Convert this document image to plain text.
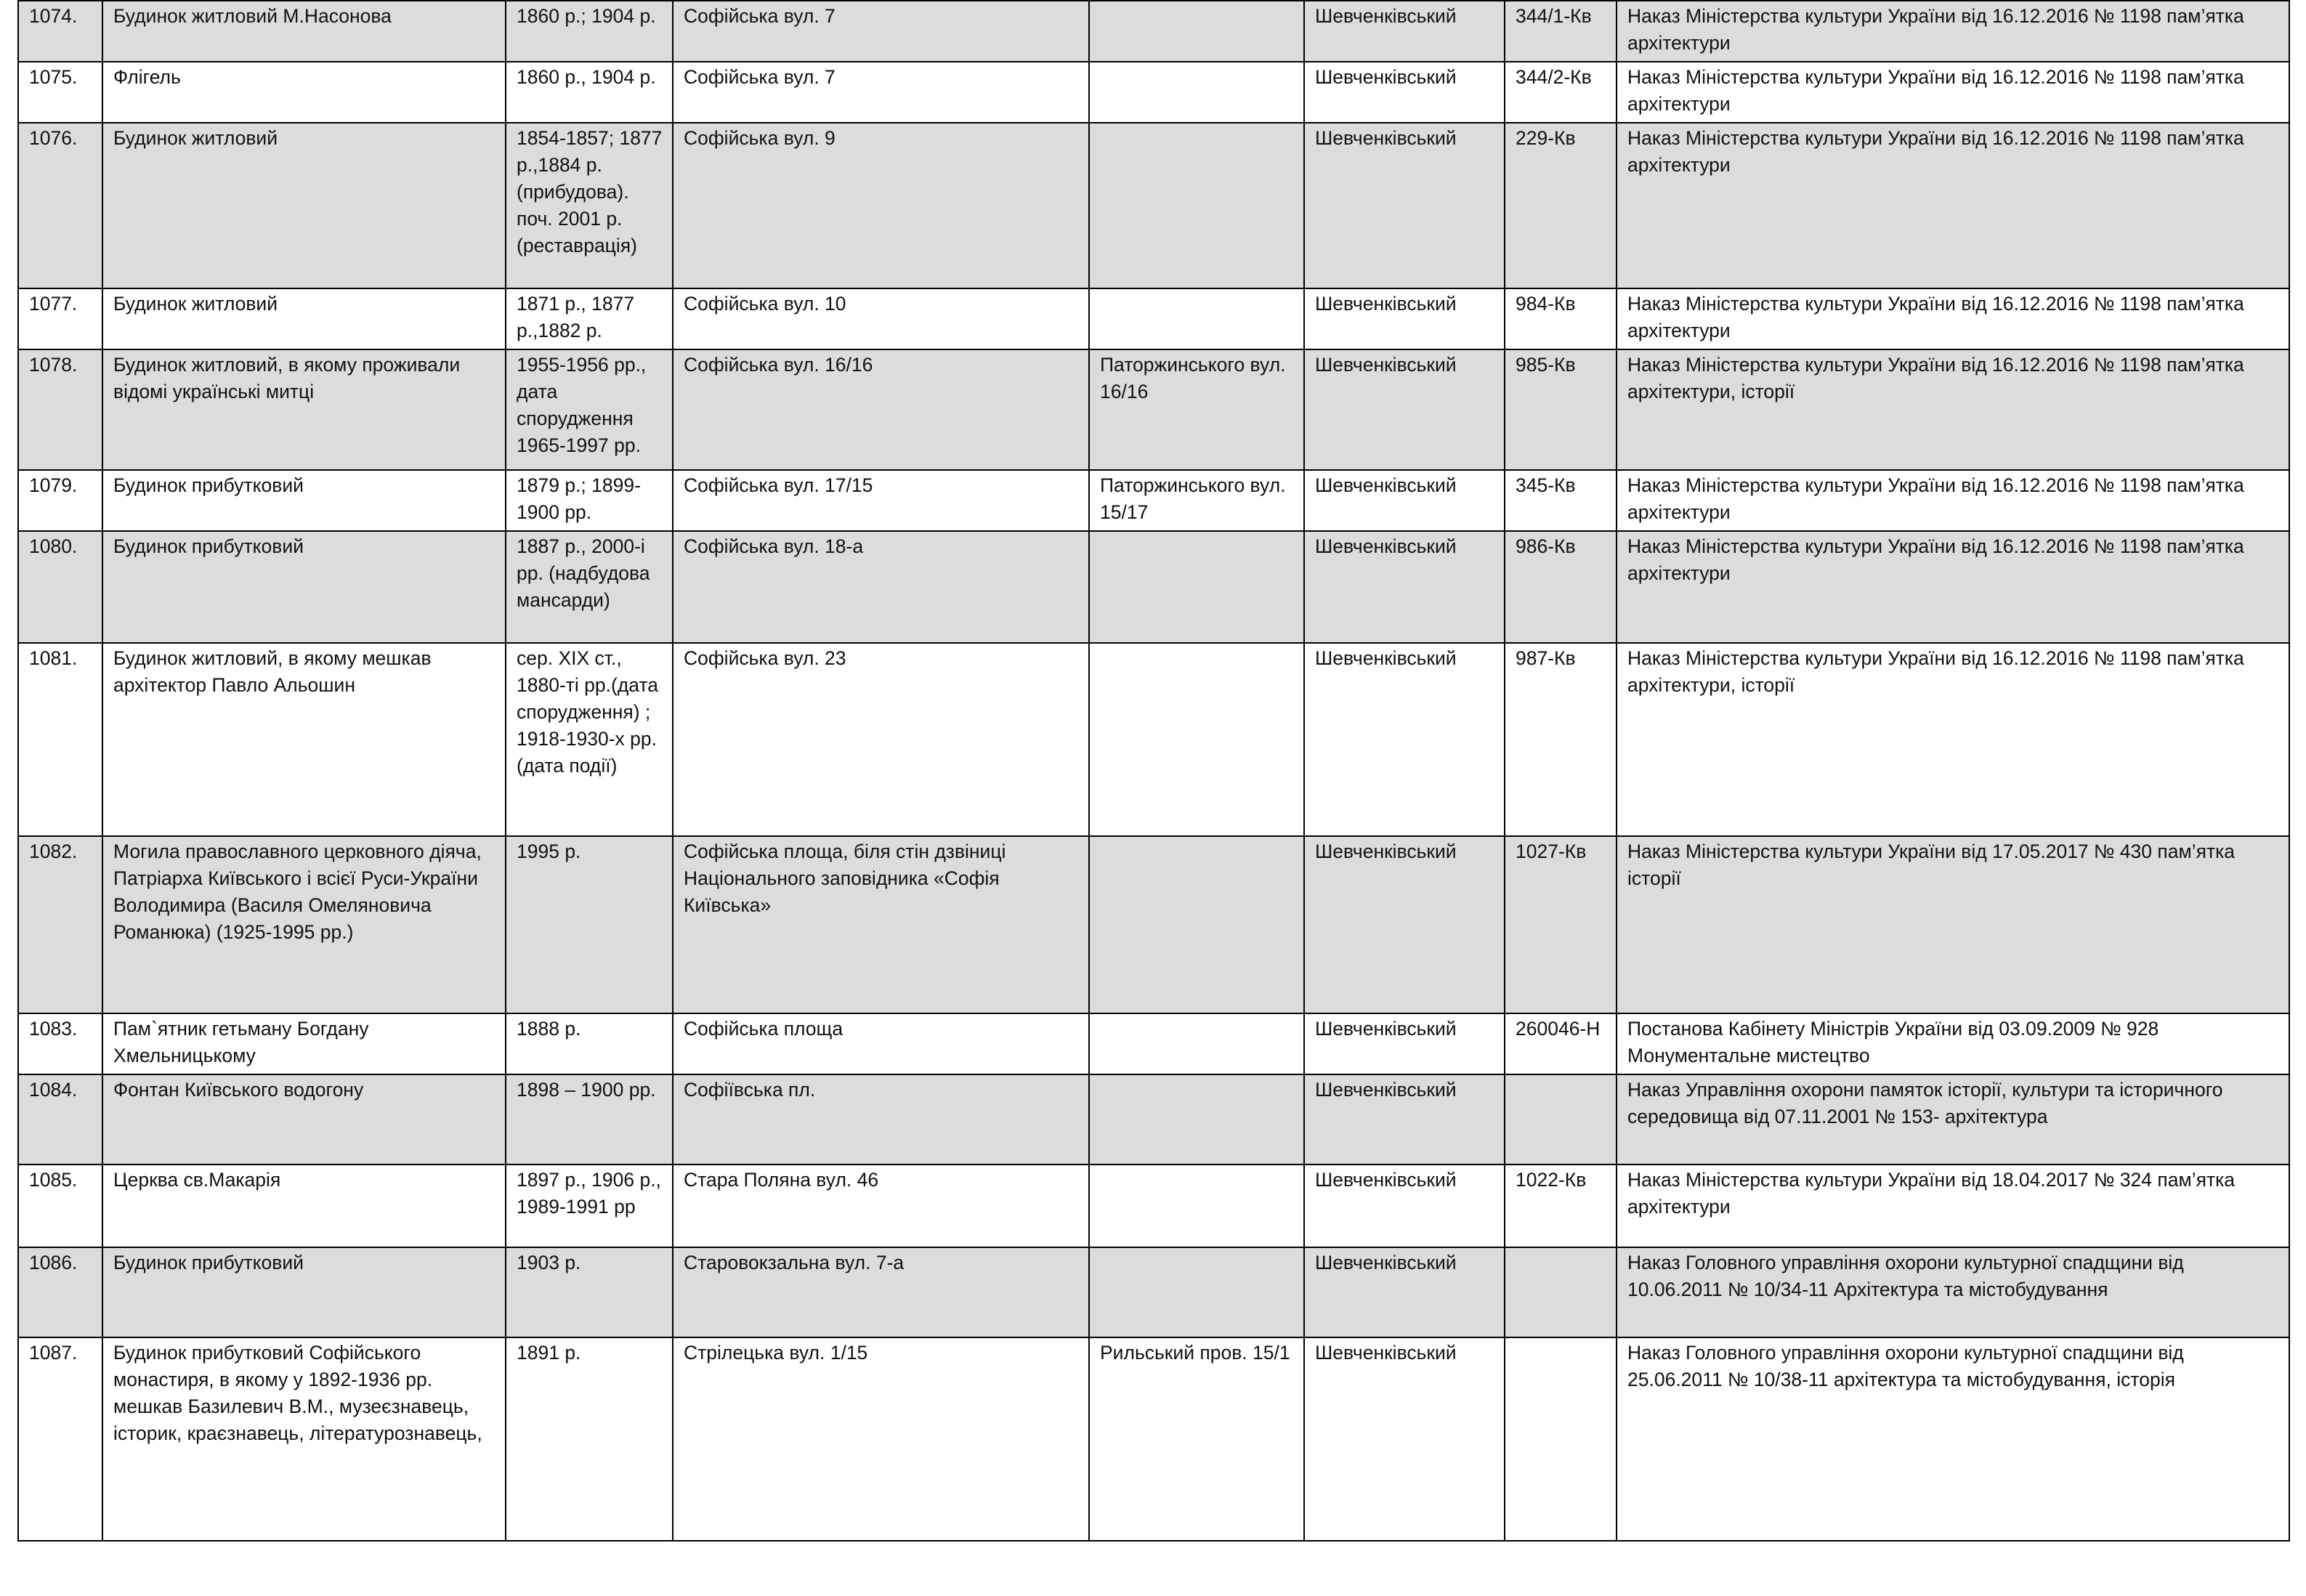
1074.	Будинок житловий М.Насонова	1860 р.; 1904 р.	Софійська вул. 7		Шевченківський	344/1-Кв	Наказ Міністерства культури України від 16.12.2016 № 1198 пам’ятка архітектури
1075.	Флігель	1860 р., 1904 р.	Софійська вул. 7		Шевченківський	344/2-Кв	Наказ Міністерства культури України від 16.12.2016 № 1198 пам’ятка архітектури
1076.	Будинок житловий	1854-1857; 1877 р.,1884 р. (прибудова). поч. 2001 р. (реставрація)	Софійська вул. 9		Шевченківський	229-Кв	Наказ Міністерства культури України від 16.12.2016 № 1198 пам’ятка архітектури
1077.	Будинок житловий	1871 р., 1877 р.,1882 р.	Софійська вул. 10		Шевченківський	984-Кв	Наказ Міністерства культури України від 16.12.2016 № 1198 пам’ятка архітектури
1078.	Будинок житловий, в якому проживали відомі українські митці	1955-1956 рр., дата спорудження 1965-1997 рр.	Софійська вул. 16/16	Паторжинського вул. 16/16	Шевченківський	985-Кв	Наказ Міністерства культури України від 16.12.2016 № 1198 пам’ятка архітектури, історії
1079.	Будинок прибутковий	1879 р.; 1899-1900 рр.	Софійська вул. 17/15	Паторжинського вул. 15/17	Шевченківський	345-Кв	Наказ Міністерства культури України від 16.12.2016 № 1198 пам’ятка архітектури
1080.	Будинок прибутковий	1887 р., 2000-і рр. (надбудова мансарди)	Софійська вул. 18-а		Шевченківський	986-Кв	Наказ Міністерства культури України від 16.12.2016 № 1198 пам’ятка архітектури
1081.	Будинок житловий, в якому мешкав архітектор Павло Альошин	сер. XIX ст., 1880-ті рр.(дата спорудження) ; 1918-1930-х рр. (дата події)	Софійська вул. 23		Шевченківський	987-Кв	Наказ Міністерства культури України від 16.12.2016 № 1198 пам’ятка архітектури, історії
1082.	Могила православного церковного діяча, Патріарха Київського і всієї Руси-України Володимира (Василя Омеляновича Романюка) (1925-1995 рр.)	1995 р.	Софійська площа, біля стін дзвіниці Національного заповідника «Софія Київська»		Шевченківський	1027-Кв	Наказ Міністерства культури України від 17.05.2017 № 430 пам’ятка історії
1083.	Пам`ятник гетьману Богдану Хмельницькому	1888 р.	Софійська площа		Шевченківський	260046-Н	Постанова Кабінету Міністрів України від 03.09.2009 № 928 Монументальне мистецтво
1084.	Фонтан Київського водогону	1898 – 1900 рр.	Софіївська пл.		Шевченківський		Наказ Управління охорони памяток історії, культури та історичного середовища від 07.11.2001 № 153- архітектура
1085.	Церква св.Макарія	1897 р., 1906 р., 1989-1991 рр	Стара Поляна вул. 46		Шевченківський	1022-Кв	Наказ Міністерства культури України від 18.04.2017 № 324 пам’ятка архітектури
1086.	Будинок прибутковий	1903 р.	Старовокзальна вул. 7-а		Шевченківський		Наказ Головного управління охорони культурної спадщини від 10.06.2011 № 10/34-11 Архітектура та містобудування
1087.	Будинок прибутковий Софійського монастиря, в якому у 1892-1936 рр. мешкав Базилевич В.М., музеєзнавець, історик, краєзнавець, літературознавець,	1891 р.	Стрілецька вул. 1/15	Рильський пров. 15/1	Шевченківський		Наказ Головного управління охорони культурної спадщини від 25.06.2011 № 10/38-11 архітектура та містобудування, історія
